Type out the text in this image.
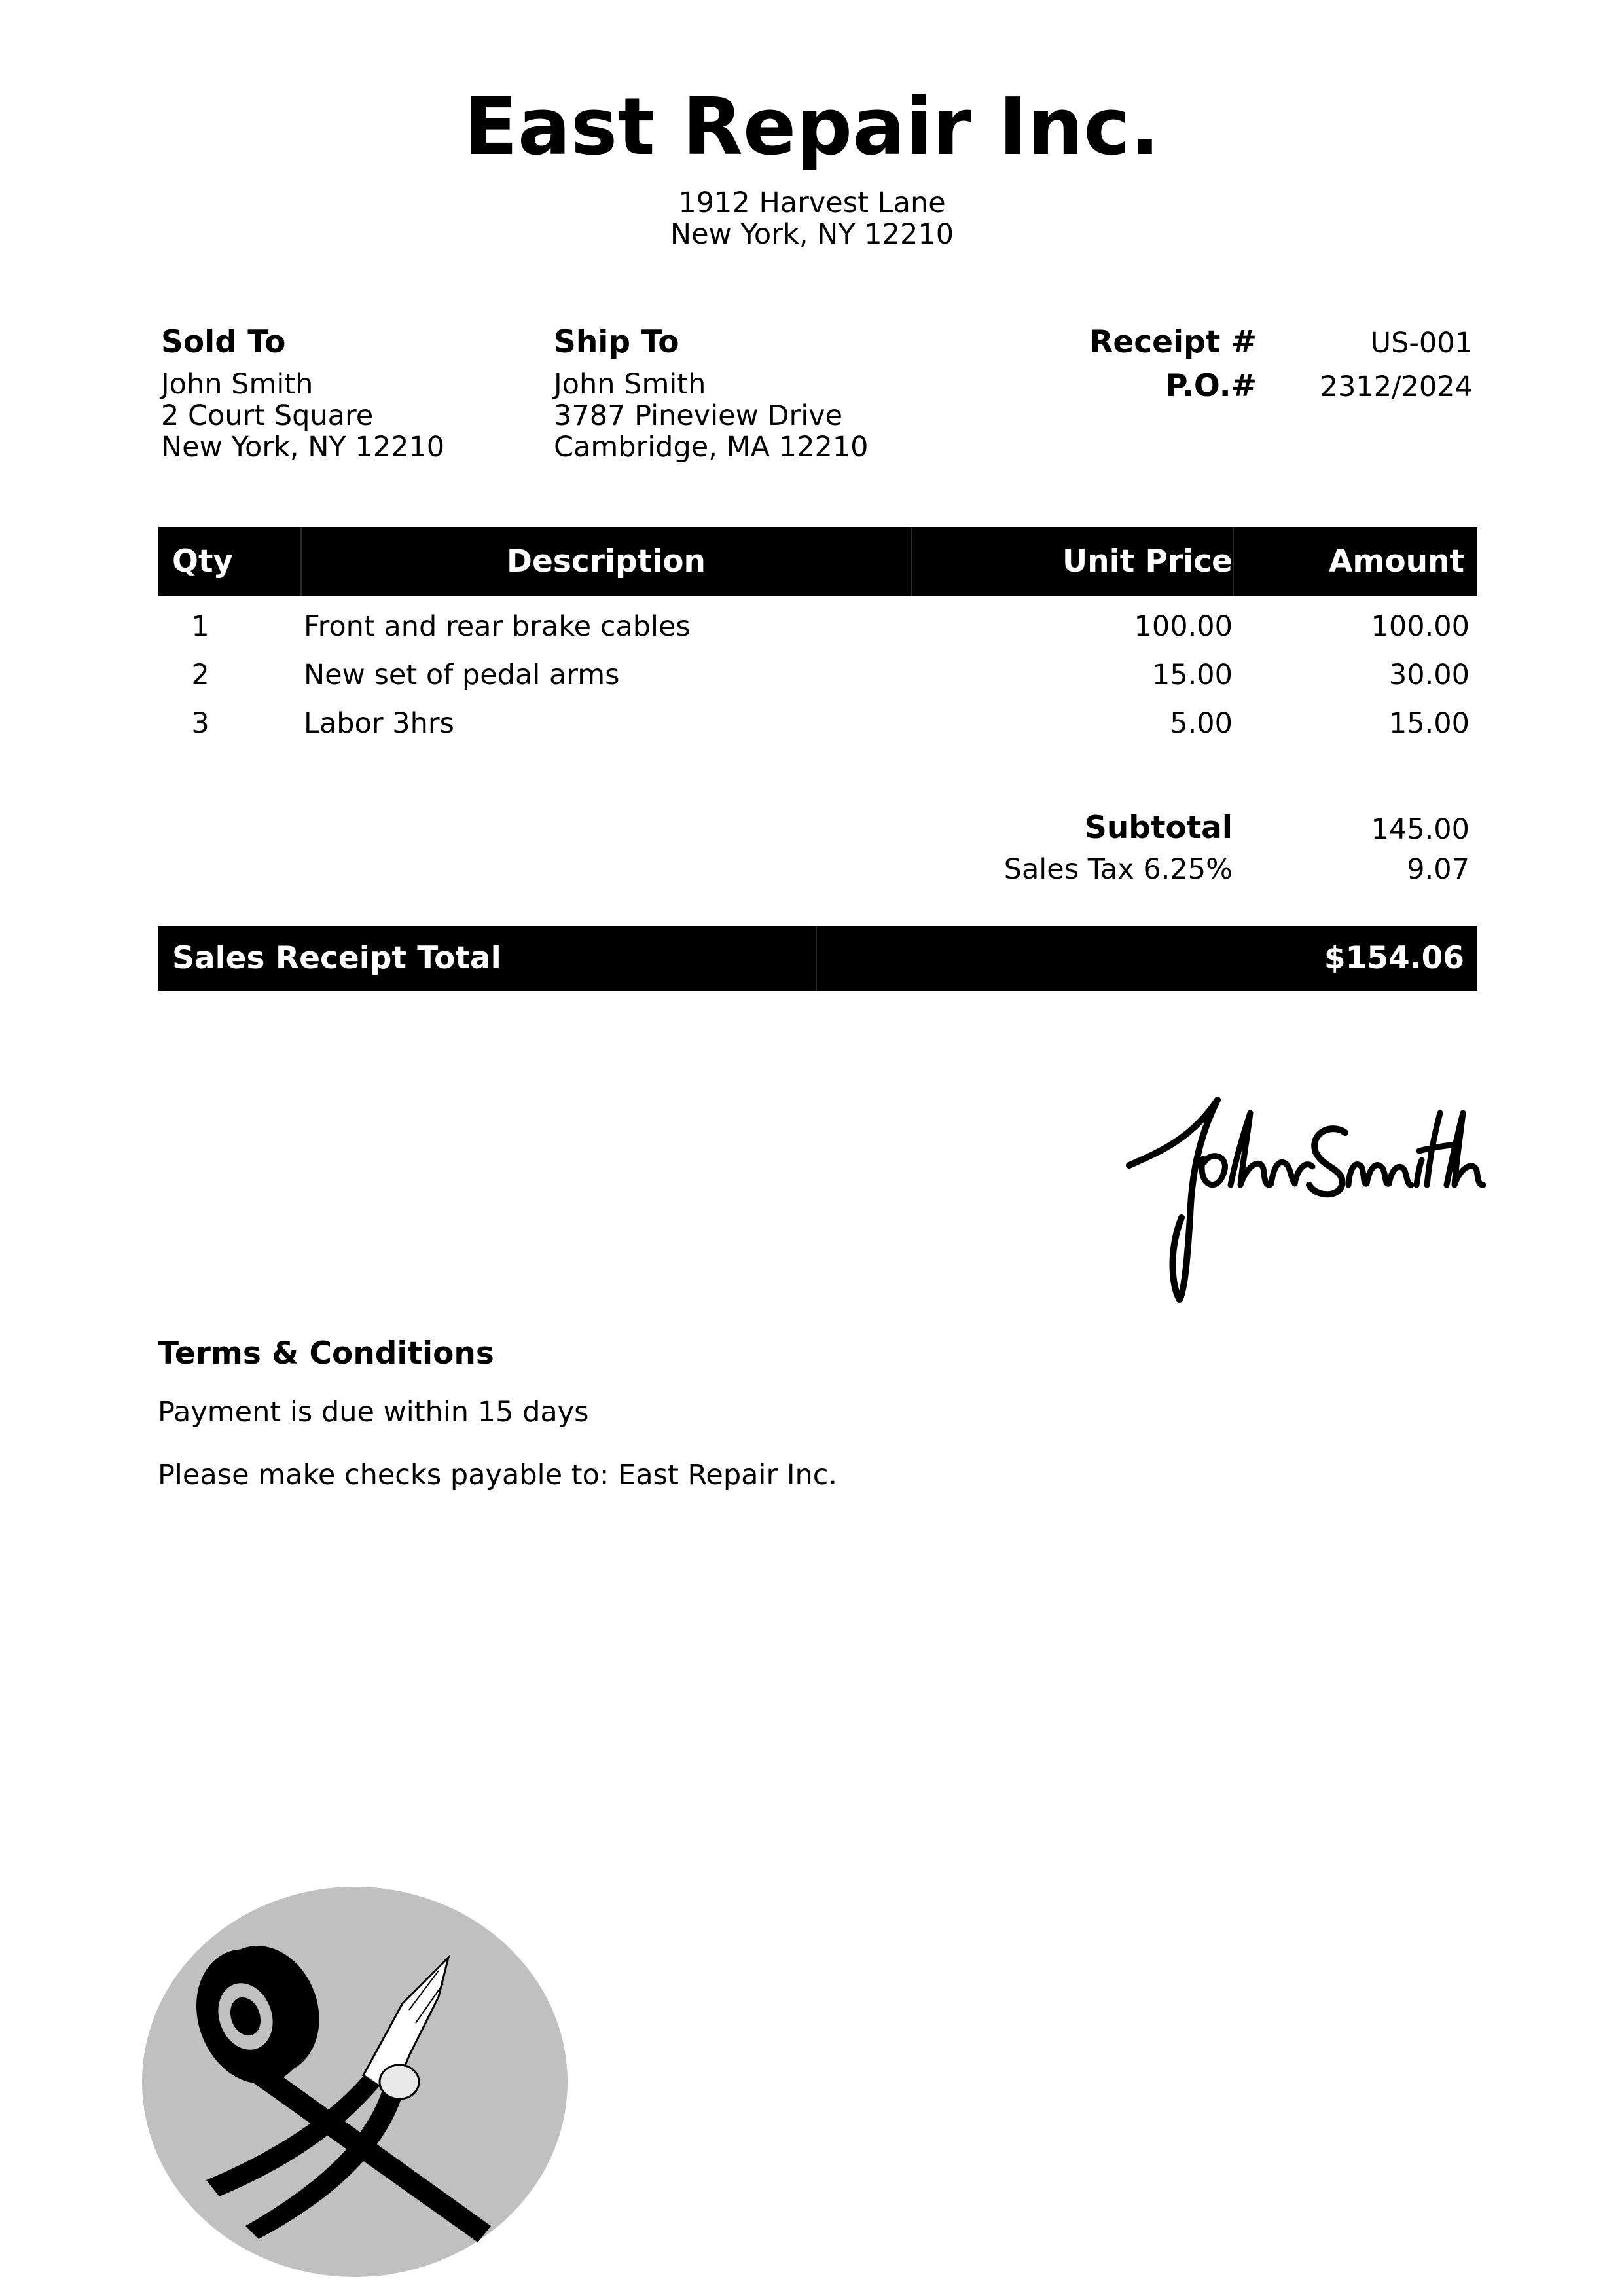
East Repair Inc.
1912 Harvest Lane
New York, NY 12210
Sold To
John Smith
2 Court Square
New York, NY 12210
Ship To
John Smith
3787 Pineview Drive
Cambridge, MA 12210
Receipt #	US-001
P.O.#	2312/2024
Qty	Description	Unit Price	Amount
1	Front and rear brake cables	100.00	100.00
2	New set of pedal arms	15.00	30.00
3	Labor 3hrs	5.00	15.00
Subtotal	145.00
Sales Tax 6.25%	9.07
Sales Receipt Total	$154.06
Terms & Conditions
Payment is due within 15 days
Please make checks payable to: East Repair Inc.
